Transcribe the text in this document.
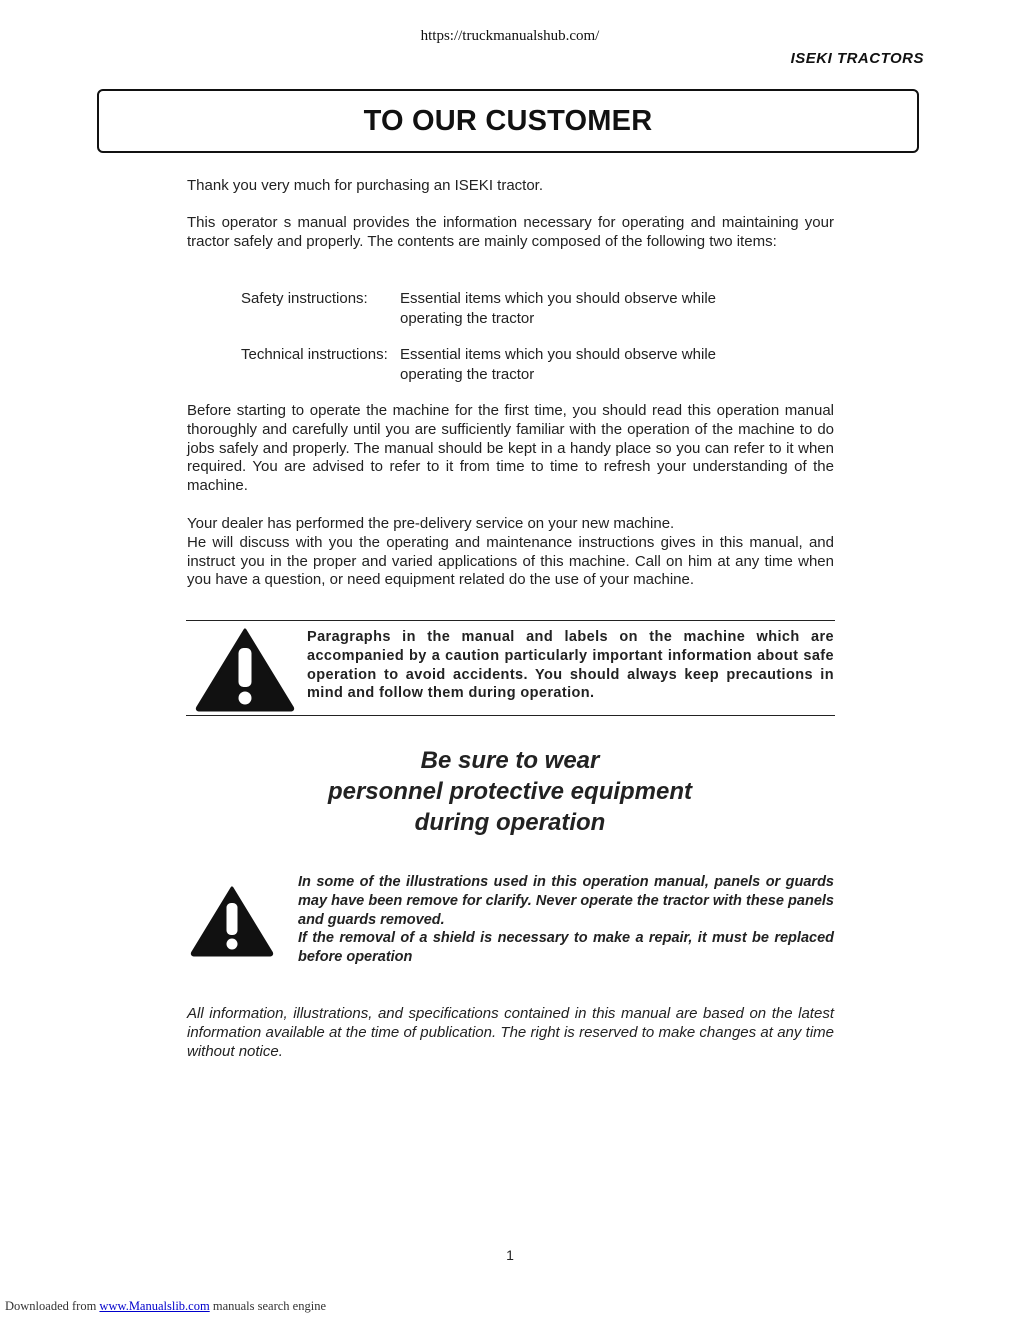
https://truckmanualshub.com/
ISEKI TRACTORS
TO OUR CUSTOMER
Thank you very much for purchasing an ISEKI tractor.
This operator s manual provides the information necessary for operating and maintaining your tractor safely and properly. The contents are mainly composed of the following two items:
Safety instructions: Essential items which you should observe while
operating the tractor
Technical instructions: Essential items which you should observe while
operating the tractor
Before starting to operate the machine for the first time, you should read this operation manual thoroughly and carefully until you are sufficiently familiar with the operation of the machine to do jobs safely and properly. The manual should be kept in a handy place so you can refer to it when required. You are advised to refer to it from time to time to refresh your understanding of the machine.
Your dealer has performed the pre-delivery service on your new machine.
He will discuss with you the operating and maintenance instructions gives in this manual, and instruct you in the proper and varied applications of this machine. Call on him at any time when you have a question, or need equipment related do the use of your machine.
Paragraphs in the manual and labels on the machine which are accompanied by a caution particularly important information about safe operation to avoid accidents. You should always keep precautions in mind and follow them during operation.
Be sure to wear
personnel protective equipment
during operation
In some of the illustrations used in this operation manual, panels or guards may have been remove for clarify. Never operate the tractor with these panels and guards removed.
If the removal of a shield is necessary to make a repair, it must be replaced before operation
All information, illustrations, and specifications contained in this manual are based on the latest information available at the time of publication. The right is reserved to make changes at any time without notice.
1
Downloaded from www.Manualslib.com manuals search engine
